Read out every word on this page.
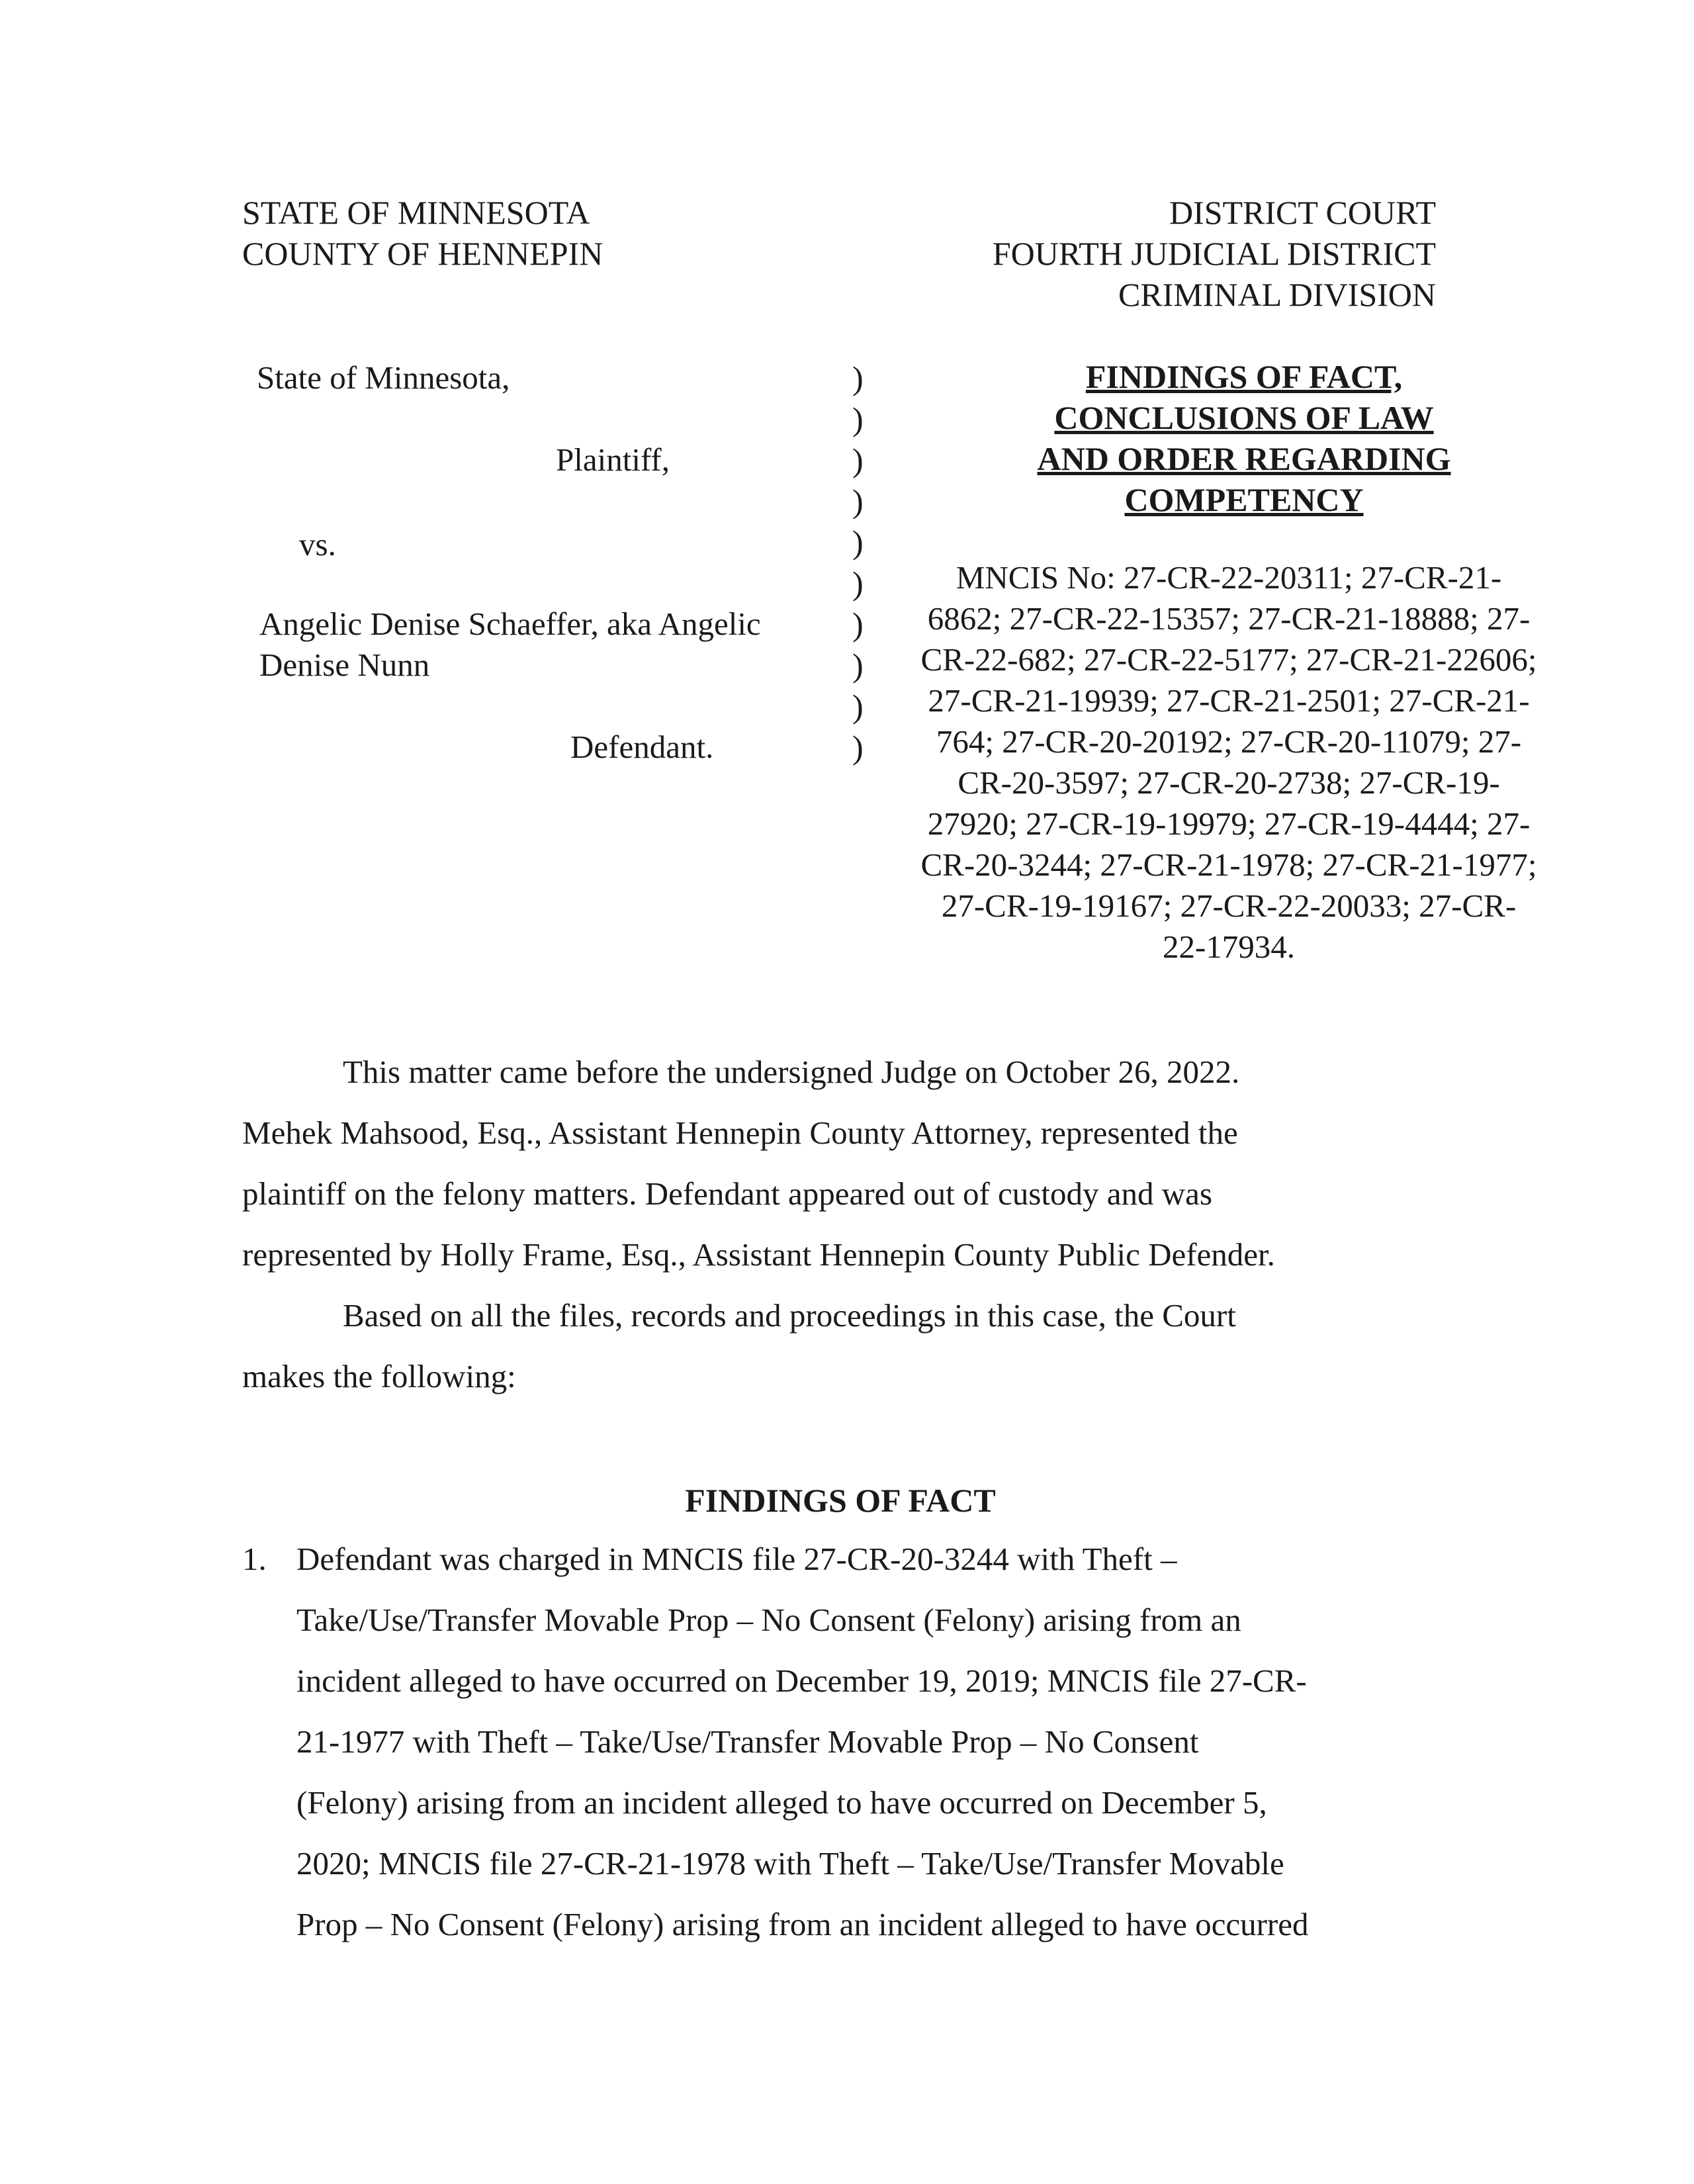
STATE OF MINNESOTA
COUNTY OF HENNEPIN
DISTRICT COURT
FOURTH JUDICIAL DISTRICT
CRIMINAL DIVISION
State of Minnesota,
Plaintiff,
vs.
Angelic Denise Schaeffer, aka Angelic
Denise Nunn
Defendant.
)
)
)
)
)
)
)
)
)
)
FINDINGS OF FACT,
CONCLUSIONS OF LAW
AND ORDER REGARDING
COMPETENCY
MNCIS No: 27-CR-22-20311; 27-CR-21-
6862; 27-CR-22-15357; 27-CR-21-18888; 27-
CR-22-682; 27-CR-22-5177; 27-CR-21-22606;
27-CR-21-19939; 27-CR-21-2501; 27-CR-21-
764; 27-CR-20-20192; 27-CR-20-11079; 27-
CR-20-3597; 27-CR-20-2738; 27-CR-19-
27920; 27-CR-19-19979; 27-CR-19-4444; 27-
CR-20-3244; 27-CR-21-1978; 27-CR-21-1977;
27-CR-19-19167; 27-CR-22-20033; 27-CR-
22-17934.
This matter came before the undersigned Judge on October 26, 2022.
Mehek Mahsood, Esq., Assistant Hennepin County Attorney, represented the
plaintiff on the felony matters. Defendant appeared out of custody and was
represented by Holly Frame, Esq., Assistant Hennepin County Public Defender.
Based on all the files, records and proceedings in this case, the Court
makes the following:
FINDINGS OF FACT
1. Defendant was charged in MNCIS file 27-CR-20-3244 with Theft –
Take/Use/Transfer Movable Prop – No Consent (Felony) arising from an
incident alleged to have occurred on December 19, 2019; MNCIS file 27-CR-
21-1977 with Theft – Take/Use/Transfer Movable Prop – No Consent
(Felony) arising from an incident alleged to have occurred on December 5,
2020; MNCIS file 27-CR-21-1978 with Theft – Take/Use/Transfer Movable
Prop – No Consent (Felony) arising from an incident alleged to have occurred
